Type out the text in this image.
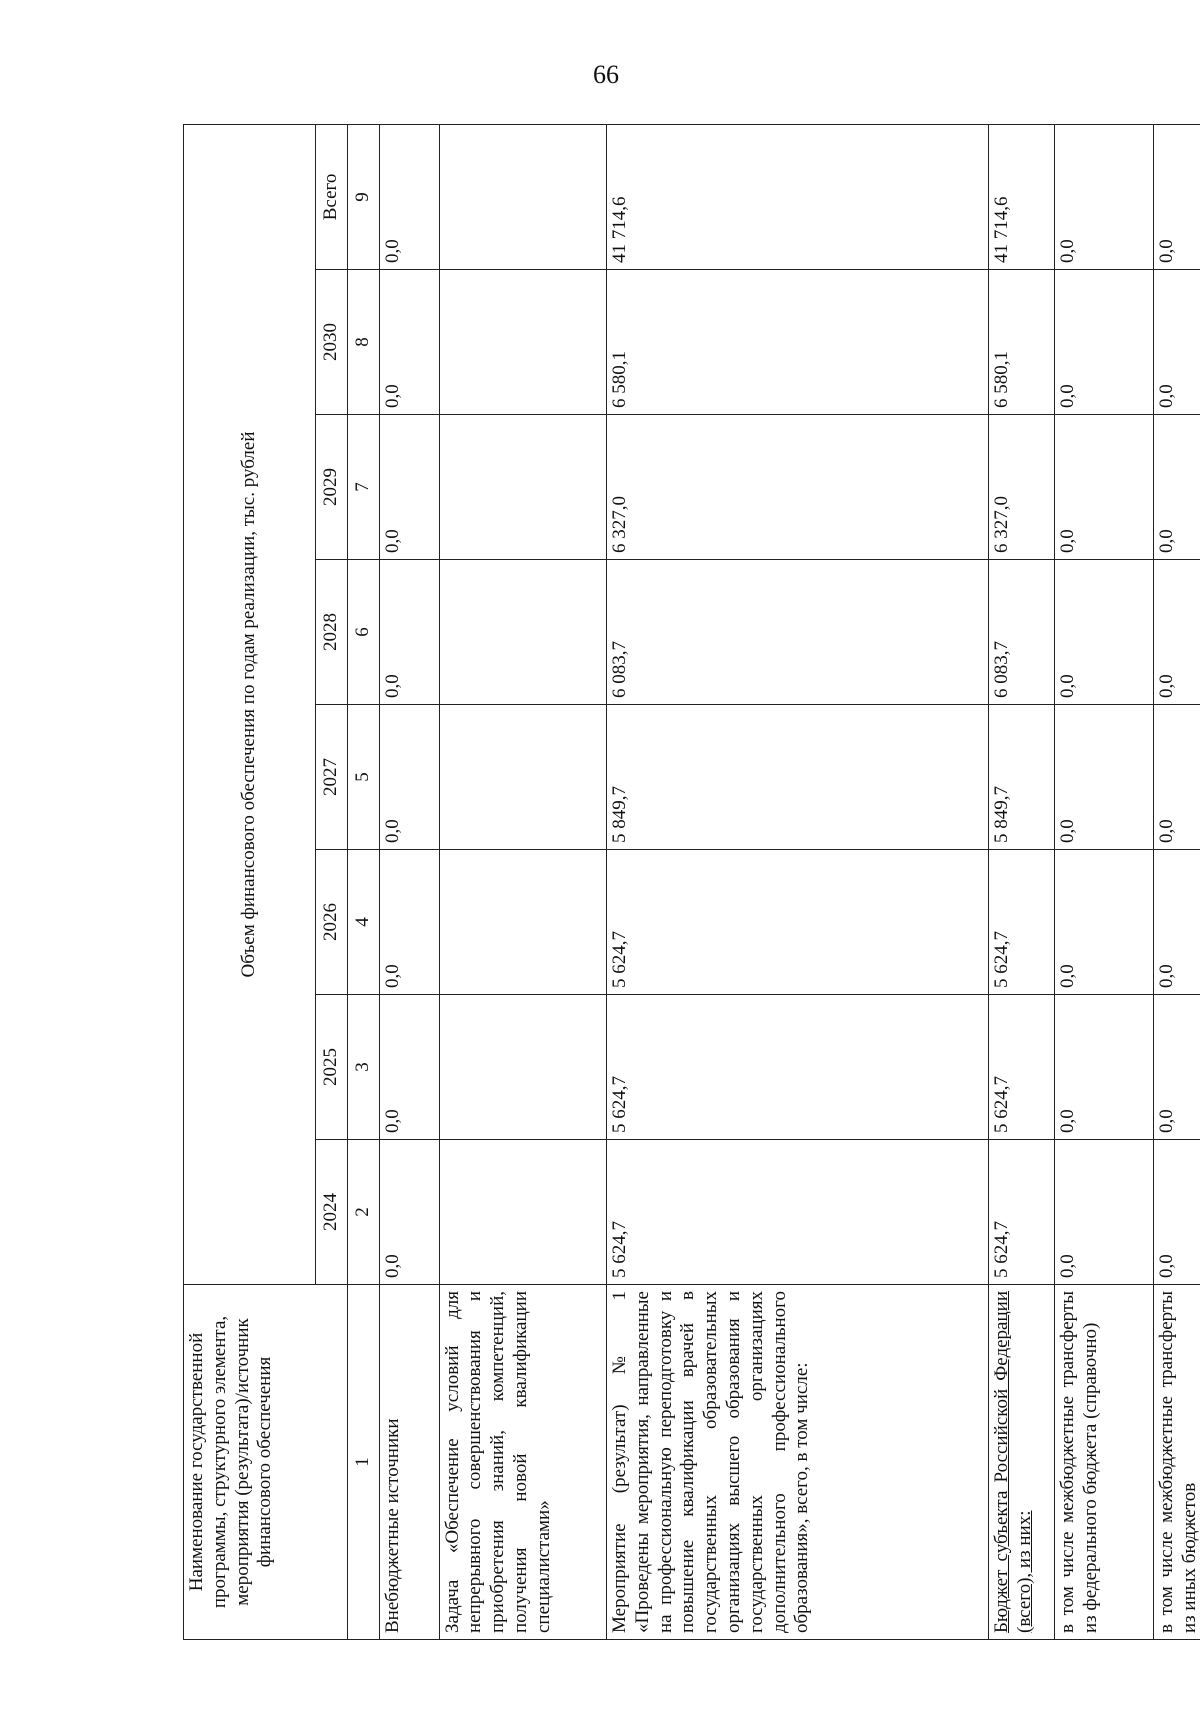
66
Наименование государственной программы, структурного элемента, мероприятия (результата)/источник финансового обеспечения	Объем финансового обеспечения по годам реализации, тыс. рублей							
	2024	2025	2026	2027	2028	2029	2030	Всего
1	2	3	4	5	6	7	8	9
Внебюджетные источники	0,0	0,0	0,0	0,0	0,0	0,0	0,0	0,0
Задача «Обеспечение условий для непрерывного совершенствования и приобретения знаний, компетенций, получения новой квалификации специалистами»								
Мероприятие (результат) № 1 «Проведены мероприятия, направленные на профессиональную переподготовку и повышение квалификации врачей в государственных образовательных организациях высшего образования и государственных организациях дополнительного профессионального образования», всего, в том числе:	5 624,7	5 624,7	5 624,7	5 849,7	6 083,7	6 327,0	6 580,1	41 714,6
Бюджет субъекта Российской Федерации (всего), из них:	5 624,7	5 624,7	5 624,7	5 849,7	6 083,7	6 327,0	6 580,1	41 714,6
в том числе межбюджетные трансферты из федерального бюджета (справочно)	0,0	0,0	0,0	0,0	0,0	0,0	0,0	0,0
в том числе межбюджетные трансферты из иных бюджетов	0,0	0,0	0,0	0,0	0,0	0,0	0,0	0,0
